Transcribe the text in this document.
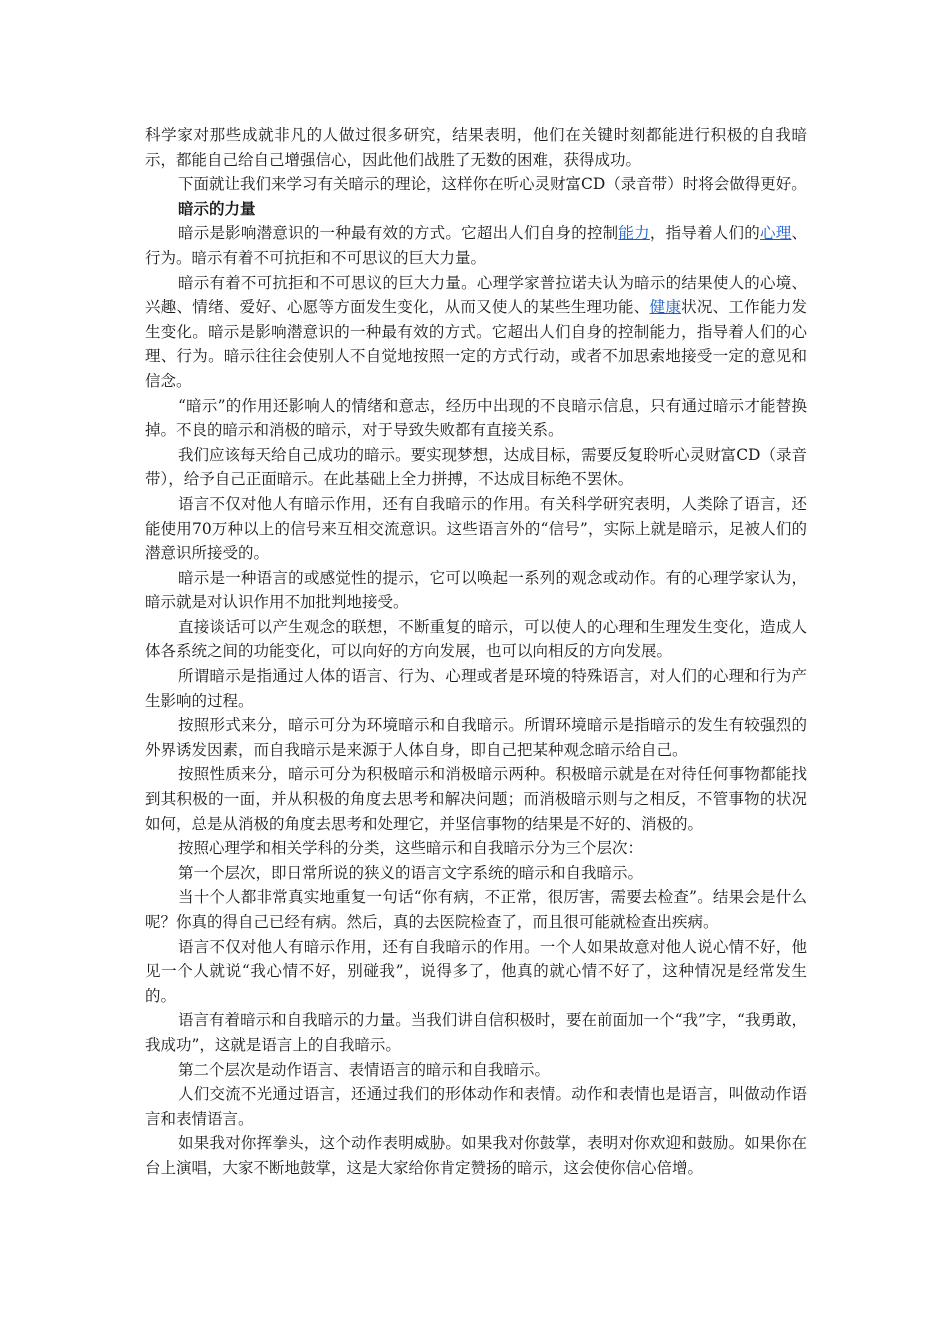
科学家对那些成就非凡的人做过很多研究，结果表明，他们在关键时刻都能进行积极的自我暗示，都能自己给自己增强信心，因此他们战胜了无数的困难，获得成功。

下面就让我们来学习有关暗示的理论，这样你在听心灵财富CD（录音带）时将会做得更好。

暗示的力量

暗示是影响潜意识的一种最有效的方式。它超出人们自身的控制能力，指导着人们的心理、行为。暗示有着不可抗拒和不可思议的巨大力量。

暗示有着不可抗拒和不可思议的巨大力量。心理学家普拉诺夫认为暗示的结果使人的心境、兴趣、情绪、爱好、心愿等方面发生变化，从而又使人的某些生理功能、健康状况、工作能力发生变化。暗示是影响潜意识的一种最有效的方式。它超出人们自身的控制能力，指导着人们的心理、行为。暗示往往会使别人不自觉地按照一定的方式行动，或者不加思索地接受一定的意见和信念。

“暗示”的作用还影响人的情绪和意志，经历中出现的不良暗示信息，只有通过暗示才能替换掉。不良的暗示和消极的暗示，对于导致失败都有直接关系。

我们应该每天给自己成功的暗示。要实现梦想，达成目标，需要反复聆听心灵财富CD（录音带），给予自己正面暗示。在此基础上全力拼搏，不达成目标绝不罢休。

语言不仅对他人有暗示作用，还有自我暗示的作用。有关科学研究表明，人类除了语言，还能使用70万种以上的信号来互相交流意识。这些语言外的“信号”，实际上就是暗示，足被人们的潜意识所接受的。

暗示是一种语言的或感觉性的提示，它可以唤起一系列的观念或动作。有的心理学家认为，暗示就是对认识作用不加批判地接受。

直接谈话可以产生观念的联想，不断重复的暗示，可以使人的心理和生理发生变化，造成人体各系统之间的功能变化，可以向好的方向发展，也可以向相反的方向发展。

所谓暗示是指通过人体的语言、行为、心理或者是环境的特殊语言，对人们的心理和行为产生影响的过程。

按照形式来分，暗示可分为环境暗示和自我暗示。所谓环境暗示是指暗示的发生有较强烈的外界诱发因素，而自我暗示是来源于人体自身，即自己把某种观念暗示给自己。

按照性质来分，暗示可分为积极暗示和消极暗示两种。积极暗示就是在对待任何事物都能找到其积极的一面，并从积极的角度去思考和解决问题；而消极暗示则与之相反，不管事物的状况如何，总是从消极的角度去思考和处理它，并坚信事物的结果是不好的、消极的。

按照心理学和相关学科的分类，这些暗示和自我暗示分为三个层次：

第一个层次，即日常所说的狭义的语言文字系统的暗示和自我暗示。

当十个人都非常真实地重复一句话“你有病，不正常，很厉害，需要去检查”。结果会是什么呢？你真的得自己已经有病。然后，真的去医院检查了，而且很可能就检查出疾病。

语言不仅对他人有暗示作用，还有自我暗示的作用。一个人如果故意对他人说心情不好，他见一个人就说“我心情不好，别碰我”，说得多了，他真的就心情不好了，这种情况是经常发生的。

语言有着暗示和自我暗示的力量。当我们讲自信积极时，要在前面加一个“我”字，“我勇敢，我成功”，这就是语言上的自我暗示。

第二个层次是动作语言、表情语言的暗示和自我暗示。

人们交流不光通过语言，还通过我们的形体动作和表情。动作和表情也是语言，叫做动作语言和表情语言。

如果我对你挥拳头，这个动作表明威胁。如果我对你鼓掌，表明对你欢迎和鼓励。如果你在台上演唱，大家不断地鼓掌，这是大家给你肯定赞扬的暗示，这会使你信心倍增。
